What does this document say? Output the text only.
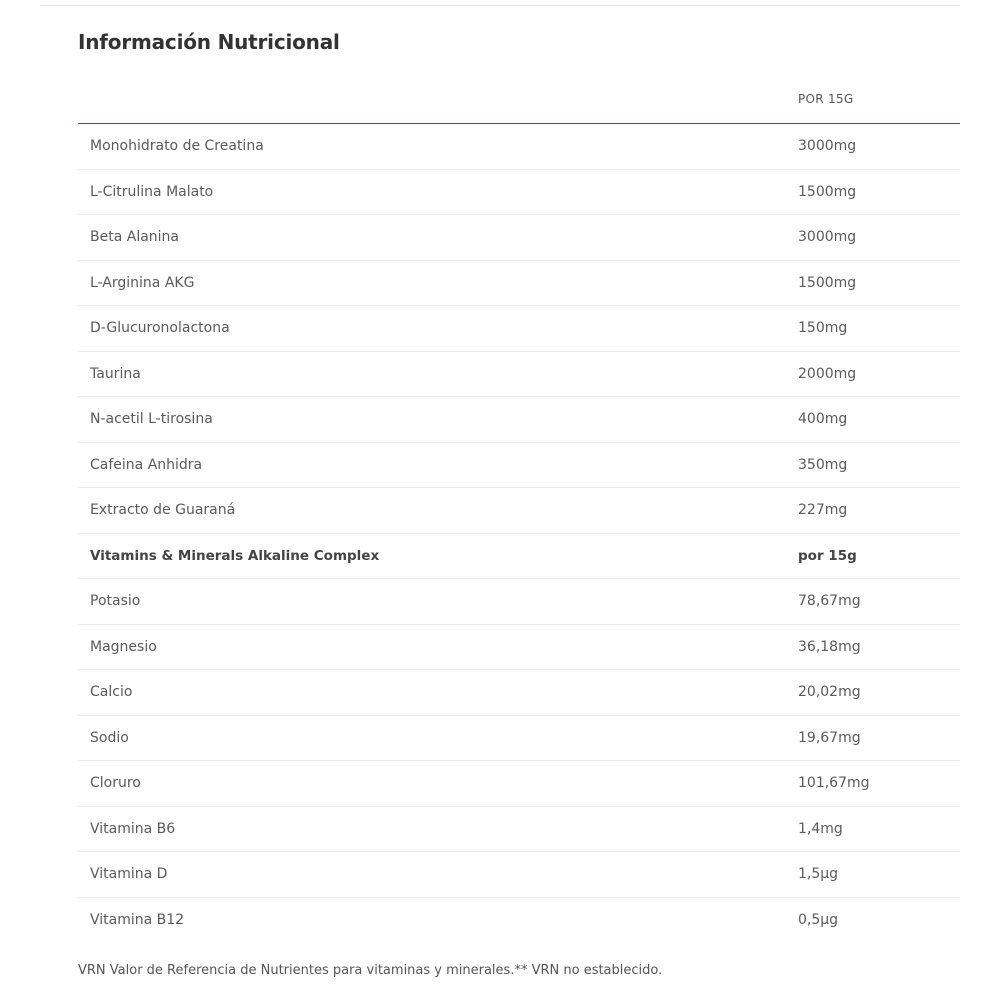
Información Nutricional
POR 15G
Monohidrato de Creatina	3000mg
L-Citrulina Malato	1500mg
Beta Alanina	3000mg
L-Arginina AKG	1500mg
D-Glucuronolactona	150mg
Taurina	2000mg
N-acetil L-tirosina	400mg
Cafeina Anhidra	350mg
Extracto de Guaraná	227mg
Vitamins & Minerals Alkaline Complex	por 15g
Potasio	78,67mg
Magnesio	36,18mg
Calcio	20,02mg
Sodio	19,67mg
Cloruro	101,67mg
Vitamina B6	1,4mg
Vitamina D	1,5µg
Vitamina B12	0,5µg

VRN Valor de Referencia de Nutrientes para vitaminas y minerales.** VRN no establecido.
